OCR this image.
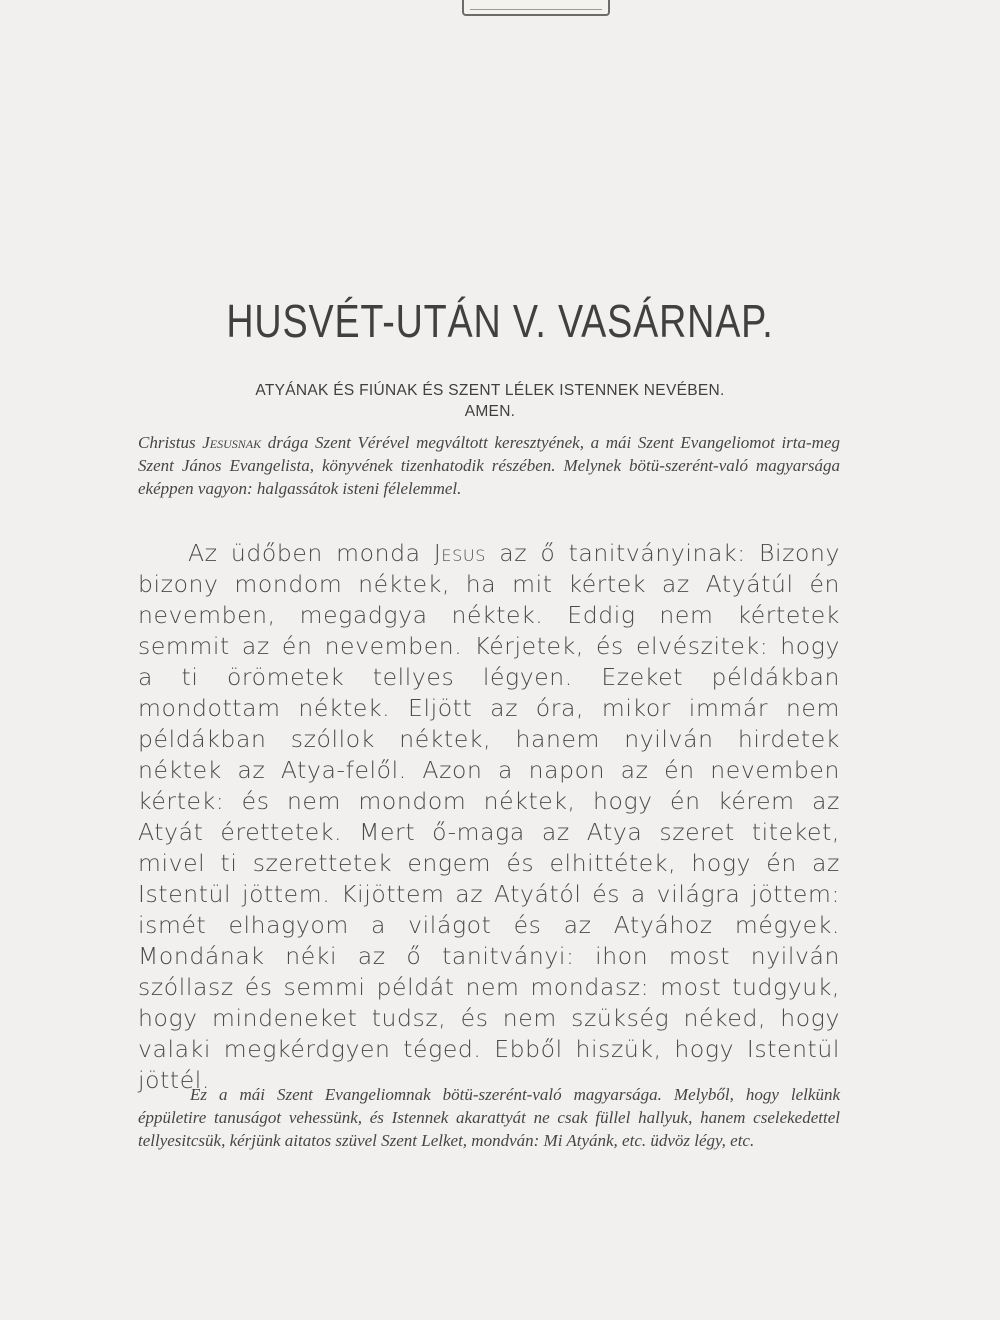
HUSVÉT-UTÁN V. VASÁRNAP.
ATYÁNAK ÉS FIÚNAK ÉS SZENT LÉLEK ISTENNEK NEVÉBEN.
AMEN.

Christus Jesusnak drága Szent Vérével megváltott keresztyének, a mái Szent Evangeliomot irta-meg Szent János Evangelista, könyvének tizenhatodik részében. Melynek bötü-szerént-való magyarsága eképpen vagyon: halgassátok isteni félelemmel.

Az üdőben monda Jesus az ő tanitványinak: Bizony bizony mondom néktek, ha mit kértek az Atyátúl én nevemben, megadgya néktek. Eddig nem kértetek semmit az én nevemben. Kérjetek, és elvészitek: hogy a ti örömetek tellyes légyen. Ezeket példákban mondottam néktek. Eljött az óra, mikor immár nem példákban szóllok néktek, hanem nyilván hirdetek néktek az Atya-felől. Azon a napon az én nevemben kértek: és nem mondom néktek, hogy én kérem az Atyát érettetek. Mert ő-maga az Atya szeret titeket, mivel ti szerettetek engem és elhittétek, hogy én az Istentül jöttem. Kijöttem az Atyától és a világra jöttem: ismét elhagyom a világot és az Atyához mégyek. Mondának néki az ő tanitványi: ihon most nyilván szóllasz és semmi példát nem mondasz: most tudgyuk, hogy mindeneket tudsz, és nem szükség néked, hogy valaki megkérdgyen téged. Ebből hiszük, hogy Istentül jöttél.

Ez a mái Szent Evangeliomnak bötü-szerént-való magyarsága. Melyből, hogy lelkünk éppületire tanuságot vehessünk, és Istennek akarattyát ne csak füllel hallyuk, hanem cselekedettel tellyesitcsük, kérjünk aitatos szüvel Szent Lelket, mondván: Mi Atyánk, etc. üdvöz légy, etc.
